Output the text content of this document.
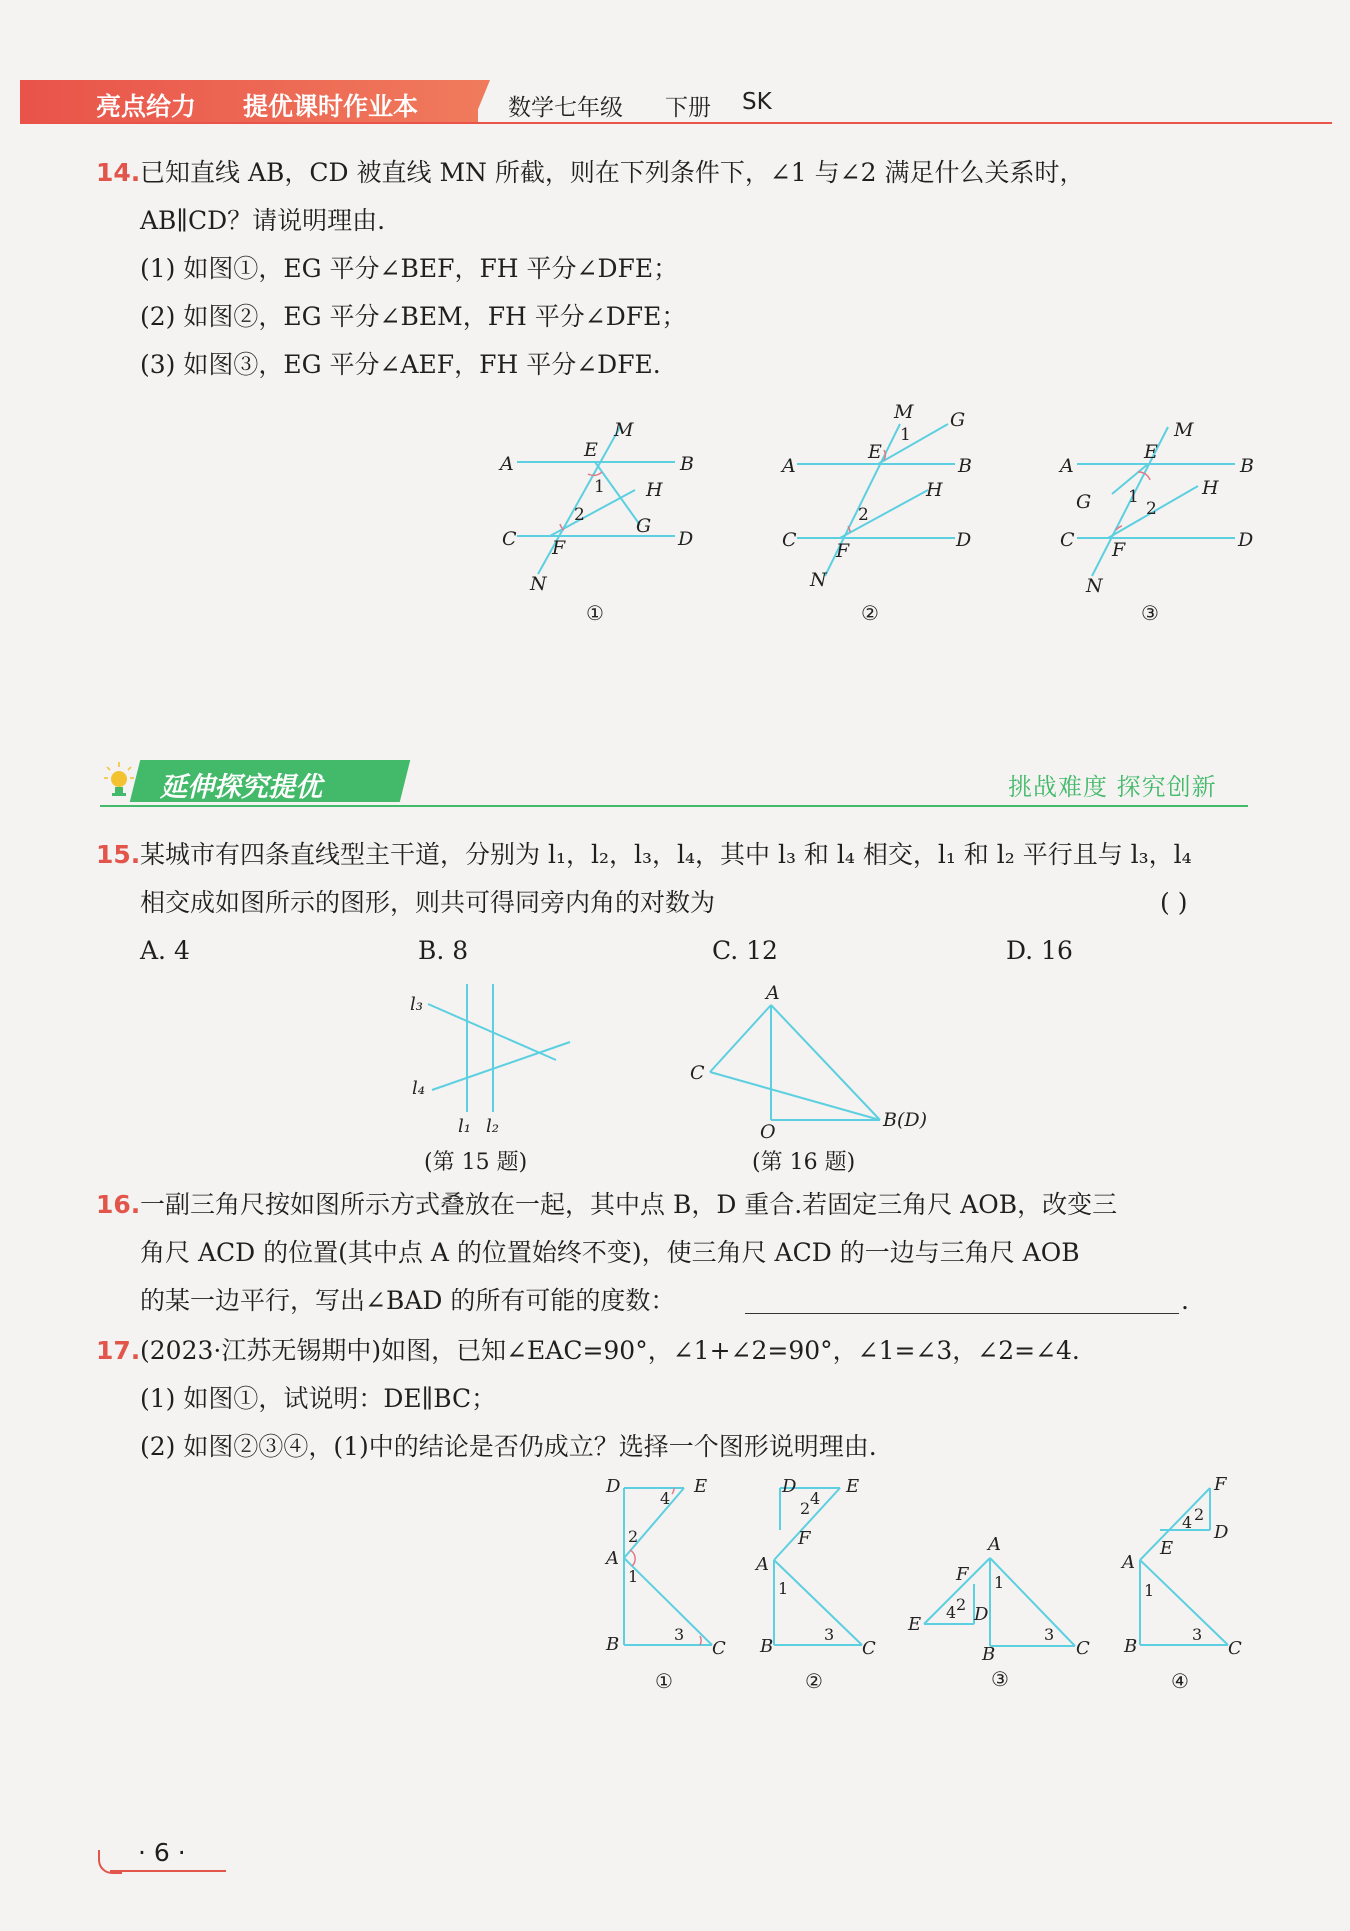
亮点给力 提优课时作业本	数学七年级 下册 SK
14. 已知直线 AB，CD 被直线 MN 所截，则在下列条件下，∠1 与∠2 满足什么关系时，
AB∥CD？请说明理由.
(1) 如图①，EG 平分∠BEF，FH 平分∠DFE；
(2) 如图②，EG 平分∠BEM，FH 平分∠DFE；
(3) 如图③，EG 平分∠AEF，FH 平分∠DFE.
M
A
E
B
H
G
C F	D
N
1
2
①
M G
A
E
B
H
C F	D
N
1
2
②
M
A
E
B
G
H
C F	D
N
1
2
③
延伸探究提优	挑战难度 探究创新
15. 某城市有四条直线型主干道，分别为 l₁，l₂，l₃，l₄，其中 l₃ 和 l₄ 相交，l₁ 和 l₂ 平行且与 l₃，l₄
相交成如图所示的图形，则共可得同旁内角的对数为	( )
A. 4	B. 8	C. 12	D. 16
l₃
l₄
l₁ l₂
(第 15 题)
A
C
O
B(D)
(第 16 题)
16. 一副三角尺按如图所示方式叠放在一起，其中点 B，D 重合.若固定三角尺 AOB，改变三
角尺 ACD 的位置(其中点 A 的位置始终不变)，使三角尺 ACD 的一边与三角尺 AOB
的某一边平行，写出∠BAD 的所有可能的度数：	.
17. (2023·江苏无锡期中)如图，已知∠EAC=90°，∠1+∠2=90°，∠1=∠3，∠2=∠4.
(1) 如图①，试说明：DE∥BC；
(2) 如图②③④，(1)中的结论是否仍成立？选择一个图形说明理由.
D	E
A
B	C
4
2
1
3
①
D	E
F
A
B	C
2
4
1
3
②
A
F
E	D
B	C
1
4 2
3
③
F
D
E
A
B	C
2
4
1
3
④
· 6 ·
